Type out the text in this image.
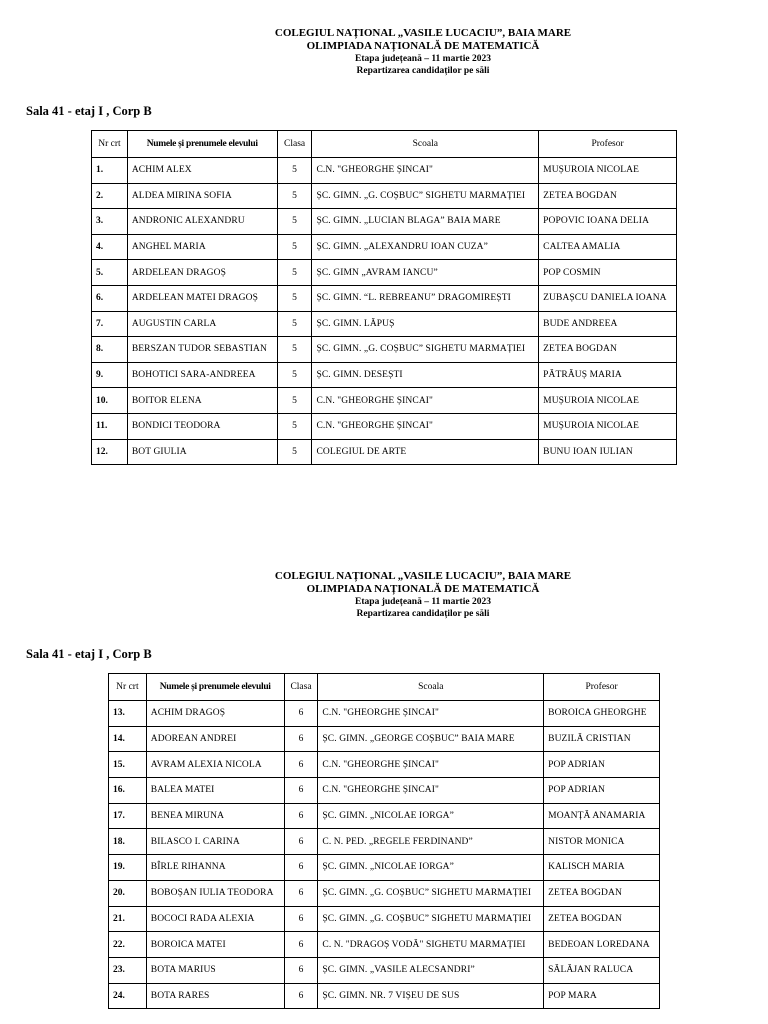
COLEGIUL NAȚIONAL „VASILE LUCACIU”, BAIA MARE
OLIMPIADA NAȚIONALĂ DE MATEMATICĂ
Etapa județeană – 11 martie 2023
Repartizarea candidaților pe săli
Sala 41 - etaj I , Corp B
Nr crt	Numele și prenumele elevului	Clasa	Scoala	Profesor
1.	ACHIM ALEX	5	C.N. "GHEORGHE ȘINCAI"	MUȘUROIA NICOLAE
2.	ALDEA MIRINA SOFIA	5	ȘC. GIMN. „G. COȘBUC” SIGHETU MARMAȚIEI	ZETEA BOGDAN
3.	ANDRONIC ALEXANDRU	5	ȘC. GIMN. „LUCIAN BLAGA” BAIA MARE	POPOVIC IOANA DELIA
4.	ANGHEL MARIA	5	ȘC. GIMN. „ALEXANDRU IOAN CUZA”	CALTEA AMALIA
5.	ARDELEAN DRAGOȘ	5	ȘC. GIMN „AVRAM IANCU”	POP COSMIN
6.	ARDELEAN MATEI DRAGOȘ	5	ȘC. GIMN. “L. REBREANU” DRAGOMIREȘTI	ZUBAȘCU DANIELA IOANA
7.	AUGUSTIN CARLA	5	ȘC. GIMN. LĂPUȘ	BUDE ANDREEA
8.	BERSZAN TUDOR SEBASTIAN	5	ȘC. GIMN. „G. COȘBUC” SIGHETU MARMAȚIEI	ZETEA BOGDAN
9.	BOHOTICI SARA-ANDREEA	5	ȘC. GIMN. DESEȘTI	PĂTRĂUȘ MARIA
10.	BOITOR ELENA	5	C.N. "GHEORGHE ȘINCAI"	MUȘUROIA NICOLAE
11.	BONDICI TEODORA	5	C.N. "GHEORGHE ȘINCAI"	MUȘUROIA NICOLAE
12.	BOT GIULIA	5	COLEGIUL DE ARTE	BUNU IOAN IULIAN
COLEGIUL NAȚIONAL „VASILE LUCACIU”, BAIA MARE
OLIMPIADA NAȚIONALĂ DE MATEMATICĂ
Etapa județeană – 11 martie 2023
Repartizarea candidaților pe săli
Sala 41 - etaj I , Corp B
Nr crt	Numele și prenumele elevului	Clasa	Scoala	Profesor
13.	ACHIM DRAGOȘ	6	C.N. "GHEORGHE ȘINCAI"	BOROICA GHEORGHE
14.	ADOREAN ANDREI	6	ȘC. GIMN. „GEORGE COȘBUC” BAIA MARE	BUZILĂ CRISTIAN
15.	AVRAM ALEXIA NICOLA	6	C.N. "GHEORGHE ȘINCAI"	POP ADRIAN
16.	BALEA MATEI	6	C.N. "GHEORGHE ȘINCAI"	POP ADRIAN
17.	BENEA MIRUNA	6	ȘC. GIMN. „NICOLAE IORGA”	MOANȚĂ ANAMARIA
18.	BILASCO I. CARINA	6	C. N. PED. „REGELE FERDINAND”	NISTOR MONICA
19.	BÎRLE RIHANNA	6	ȘC. GIMN. „NICOLAE IORGA”	KALISCH MARIA
20.	BOBOȘAN IULIA TEODORA	6	ȘC. GIMN. „G. COȘBUC” SIGHETU MARMAȚIEI	ZETEA BOGDAN
21.	BOCOCI RADA ALEXIA	6	ȘC. GIMN. „G. COȘBUC” SIGHETU MARMAȚIEI	ZETEA BOGDAN
22.	BOROICA MATEI	6	C. N. "DRAGOȘ VODĂ" SIGHETU MARMAȚIEI	BEDEOAN LOREDANA
23.	BOTA MARIUS	6	ȘC. GIMN. „VASILE ALECSANDRI”	SĂLĂJAN RALUCA
24.	BOTA RARES	6	ȘC. GIMN. NR. 7 VIȘEU DE SUS	POP MARA
